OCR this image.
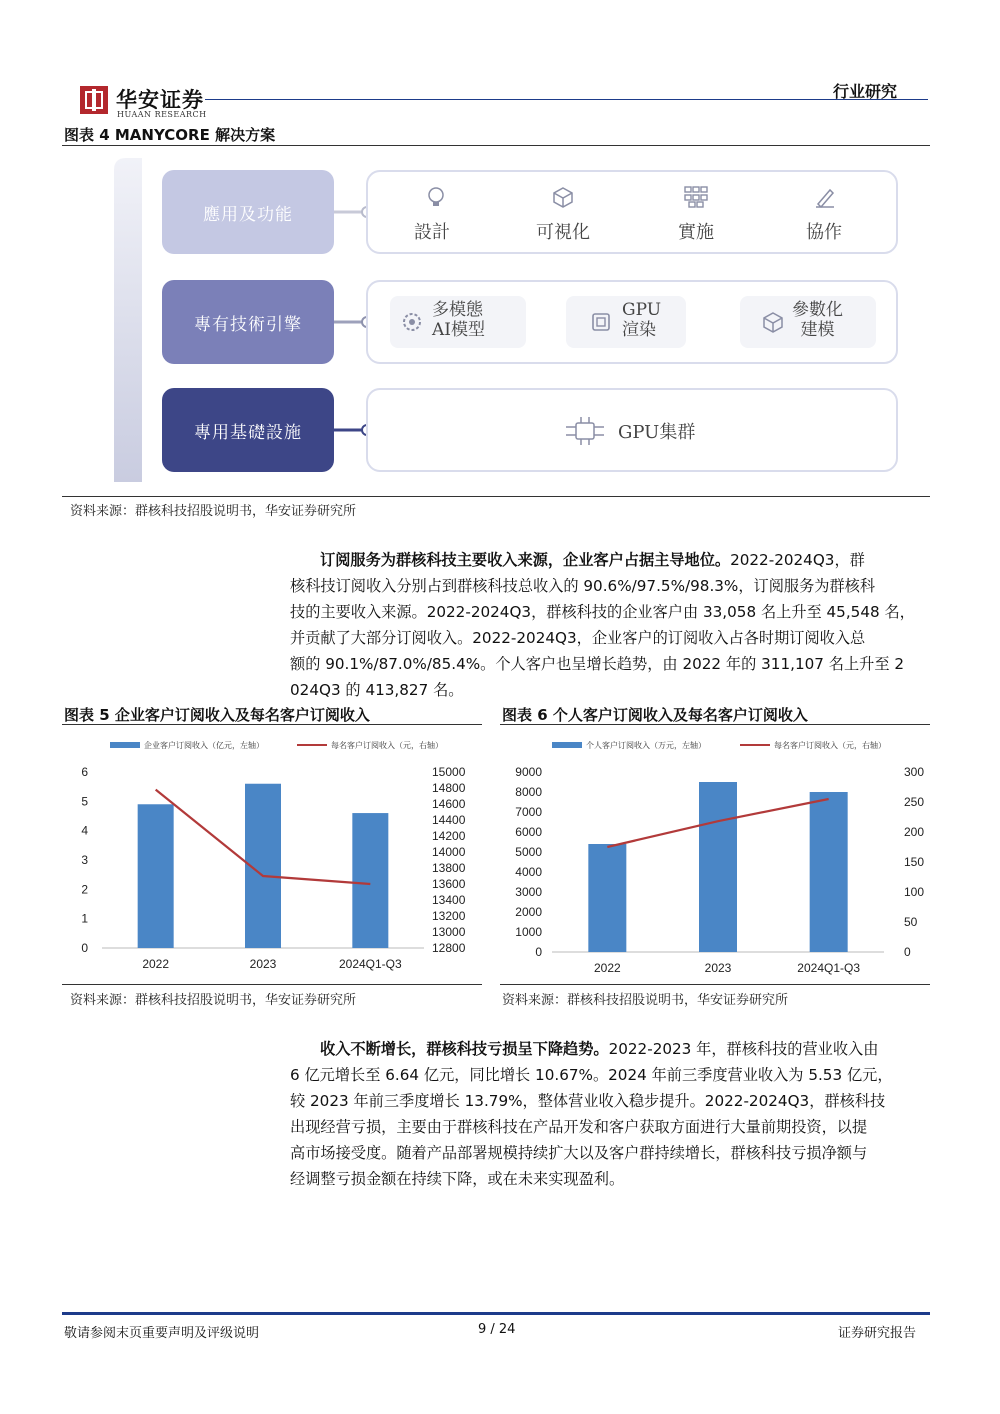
华安证券
HUAAN RESEARCH
行业研究
图表 4 MANYCORE 解决方案
應用及功能
設計	可視化	實施	協作
專有技術引擎
多模態
AI模型
GPU
渲染
參數化
建模
專用基礎設施	GPU集群
资料来源：群核科技招股说明书，华安证券研究所
订阅服务为群核科技主要收入来源，企业客户占据主导地位。2022-2024Q3，群
核科技订阅收入分别占到群核科技总收入的 90.6%/97.5%/98.3%，订阅服务为群核科
技的主要收入来源。2022-2024Q3，群核科技的企业客户由 33,058 名上升至 45,548 名，
并贡献了大部分订阅收入。2022-2024Q3，企业客户的订阅收入占各时期订阅收入总
额的 90.1%/87.0%/85.4%。个人客户也呈增长趋势，由 2022 年的 311,107 名上升至 2
024Q3 的 413,827 名。
图表 5 企业客户订阅收入及每名客户订阅收入	图表 6 个人客户订阅收入及每名客户订阅收入
企业客户订阅收入（亿元，左轴）	每名客户订阅收入（元，右轴）
0
1
2
3
4
5
6
12800
13000
13200
13400
13600
13800
14000
14200
14400
14600
14800
15000
2022	2023	2024Q1-Q3
个人客户订阅收入（万元，左轴）	每名客户订阅收入（元，右轴）
0
1000
2000
3000
4000
5000
6000
7000
8000
9000
0
50
100
150
200
250
300
2022	2023	2024Q1-Q3
资料来源：群核科技招股说明书，华安证券研究所	资料来源：群核科技招股说明书，华安证券研究所
收入不断增长，群核科技亏损呈下降趋势。2022-2023 年，群核科技的营业收入由
6 亿元增长至 6.64 亿元，同比增长 10.67%。2024 年前三季度营业收入为 5.53 亿元，
较 2023 年前三季度增长 13.79%，整体营业收入稳步提升。2022-2024Q3，群核科技
出现经营亏损，主要由于群核科技在产品开发和客户获取方面进行大量前期投资，以提
高市场接受度。随着产品部署规模持续扩大以及客户群持续增长，群核科技亏损净额与
经调整亏损金额在持续下降，或在未来实现盈利。
敬请参阅末页重要声明及评级说明	9 / 24	证券研究报告
